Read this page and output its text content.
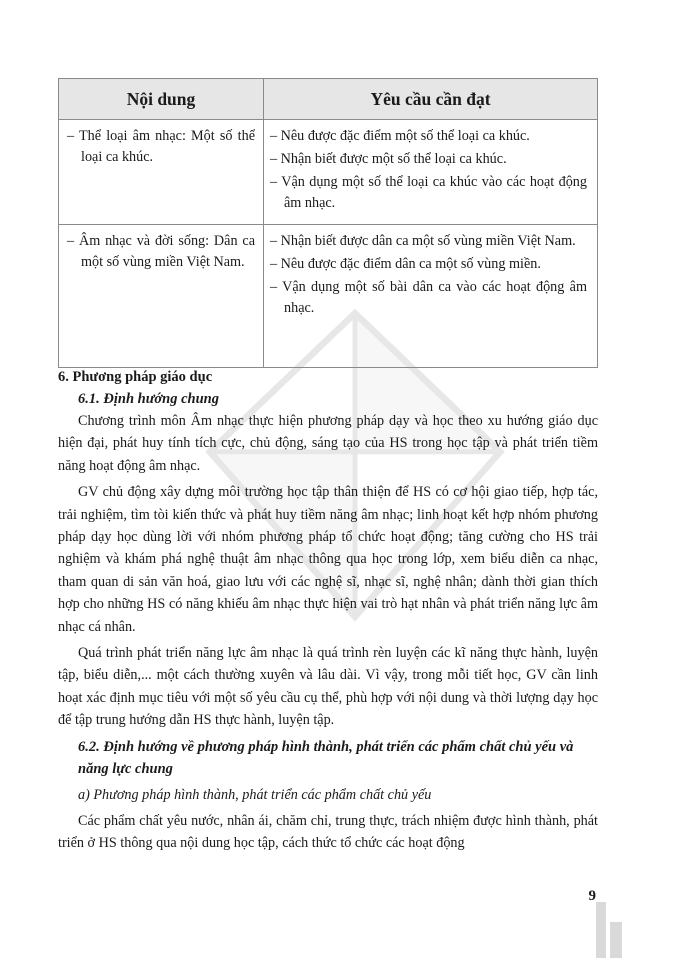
Nội dung	Yêu cầu cần đạt

– Thể loại âm nhạc: Một số thể loại ca khúc.	– Nêu được đặc điểm một số thể loại ca khúc.
– Nhận biết được một số thể loại ca khúc.
– Vận dụng một số thể loại ca khúc vào các hoạt động âm nhạc.

– Âm nhạc và đời sống: Dân ca một số vùng miền Việt Nam.	– Nhận biết được dân ca một số vùng miền Việt Nam.
– Nêu được đặc điểm dân ca một số vùng miền.
– Vận dụng một số bài dân ca vào các hoạt động âm nhạc.
6. Phương pháp giáo dục
6.1. Định hướng chung

Chương trình môn Âm nhạc thực hiện phương pháp dạy và học theo xu hướng giáo dục hiện đại, phát huy tính tích cực, chủ động, sáng tạo của HS trong học tập và phát triển tiềm năng hoạt động âm nhạc.

GV chủ động xây dựng môi trường học tập thân thiện để HS có cơ hội giao tiếp, hợp tác, trải nghiệm, tìm tòi kiến thức và phát huy tiềm năng âm nhạc; linh hoạt kết hợp nhóm phương pháp dạy học dùng lời với nhóm phương pháp tổ chức hoạt động; tăng cường cho HS trải nghiệm và khám phá nghệ thuật âm nhạc thông qua học trong lớp, xem biểu diễn ca nhạc, tham quan di sản văn hoá, giao lưu với các nghệ sĩ, nhạc sĩ, nghệ nhân; dành thời gian thích hợp cho những HS có năng khiếu âm nhạc thực hiện vai trò hạt nhân và phát triển năng lực âm nhạc cá nhân.

Quá trình phát triển năng lực âm nhạc là quá trình rèn luyện các kĩ năng thực hành, luyện tập, biểu diễn,... một cách thường xuyên và lâu dài. Vì vậy, trong mỗi tiết học, GV cần linh hoạt xác định mục tiêu với một số yêu cầu cụ thể, phù hợp với nội dung và thời lượng dạy học để tập trung hướng dẫn HS thực hành, luyện tập.

6.2. Định hướng về phương pháp hình thành, phát triển các phẩm chất chủ yếu và năng lực chung
a) Phương pháp hình thành, phát triển các phẩm chất chủ yếu

Các phẩm chất yêu nước, nhân ái, chăm chỉ, trung thực, trách nhiệm được hình thành, phát triển ở HS thông qua nội dung học tập, cách thức tổ chức các hoạt động

9
